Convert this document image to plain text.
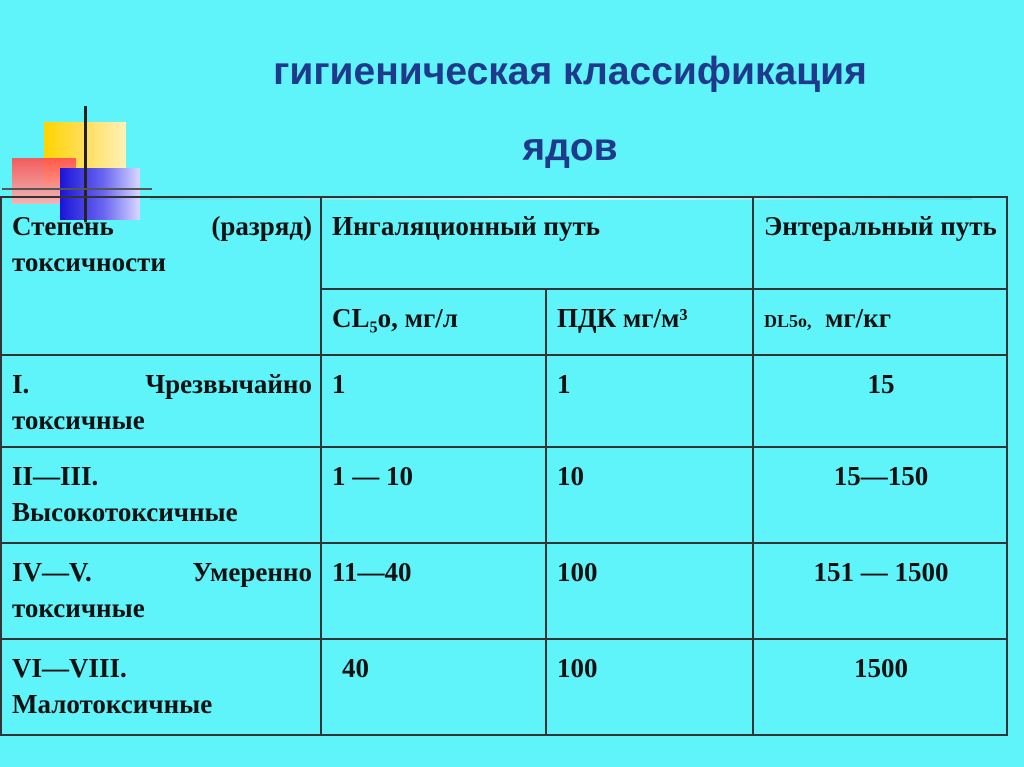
гигиеническая классификация
ядов
Степень (разряд) токсичности	Ингаляционный путь		Энтеральный путь
	CL₅o, мг/л	ПДК мг/м³	DL5o, мг/кг
I. Чрезвычайно токсичные	1	1	15
II—III. Высокотоксичные	1 — 10	10	15—150
IV—V. Умеренно токсичные	11—40	100	151 — 1500
VI—VIII. Малотоксичные	40	100	1500
